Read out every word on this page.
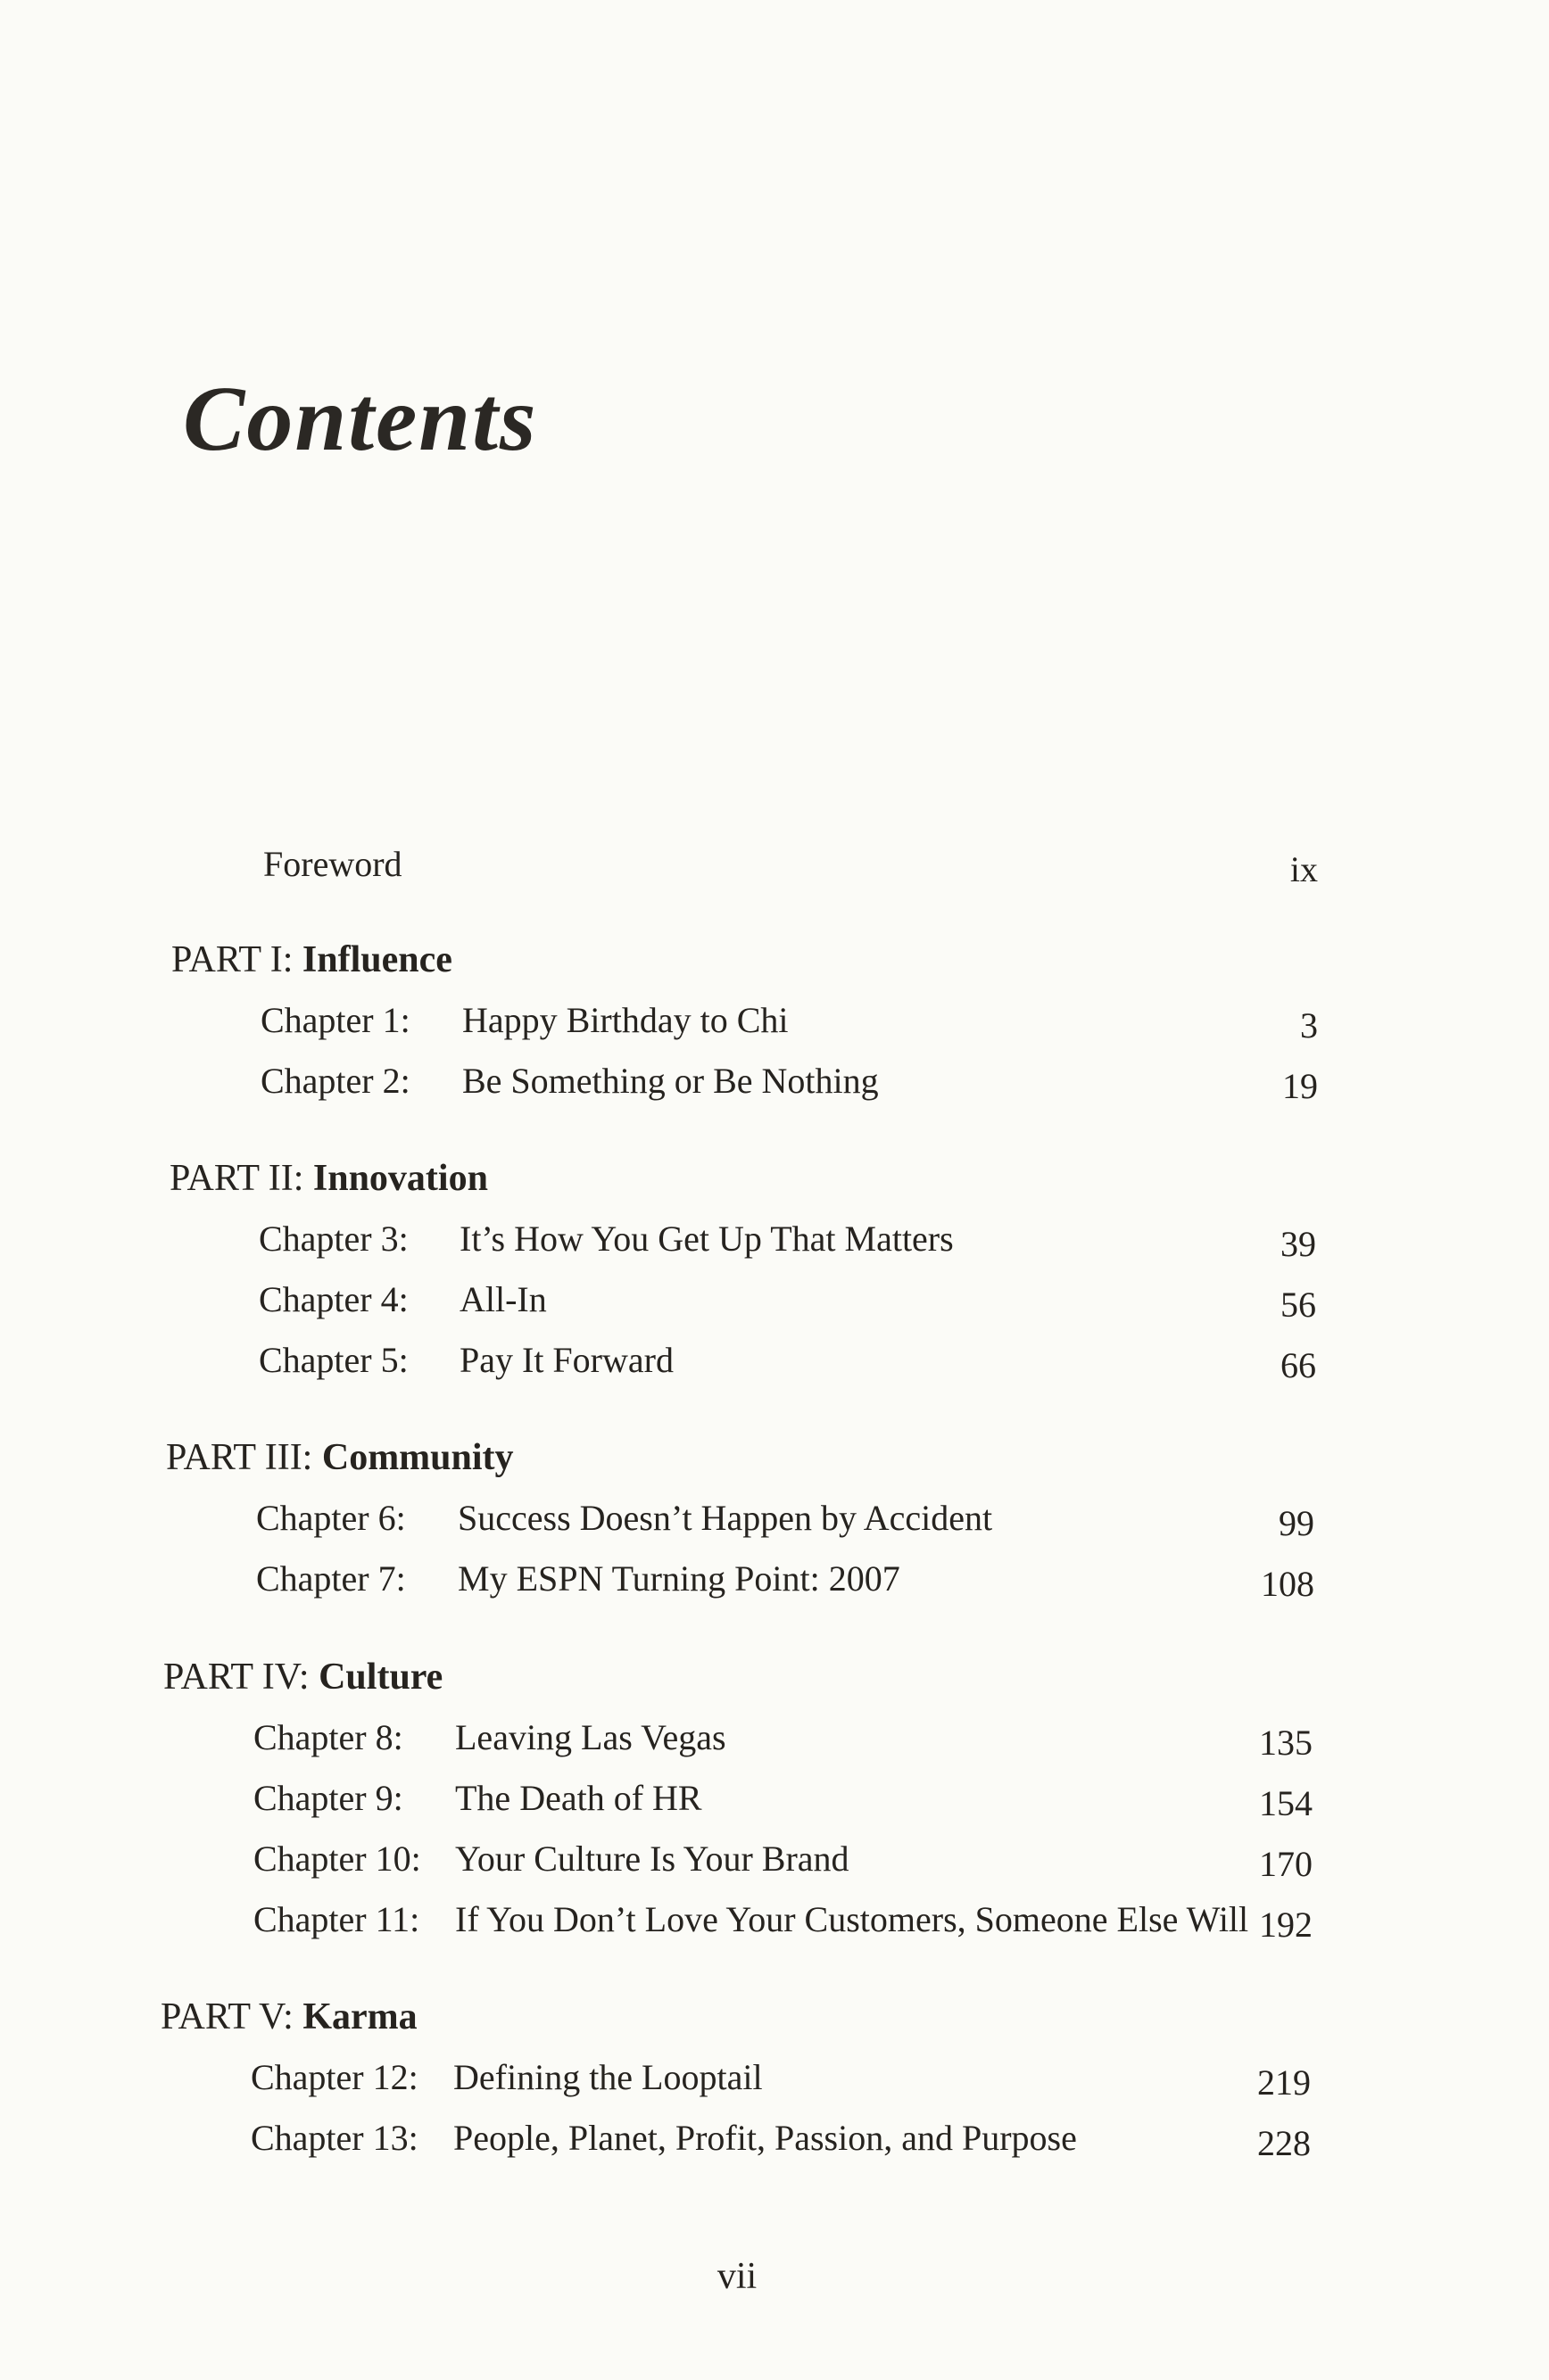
Contents
Foreword	ix
PART I: Influence
Chapter 1: Happy Birthday to Chi	3
Chapter 2: Be Something or Be Nothing	19
PART II: Innovation
Chapter 3: It’s How You Get Up That Matters	39
Chapter 4: All-In	56
Chapter 5: Pay It Forward	66
PART III: Community
Chapter 6: Success Doesn’t Happen by Accident	99
Chapter 7: My ESPN Turning Point: 2007	108
PART IV: Culture
Chapter 8: Leaving Las Vegas	135
Chapter 9: The Death of HR	154
Chapter 10: Your Culture Is Your Brand	170
Chapter 11: If You Don’t Love Your Customers, Someone Else Will 192
PART V: Karma
Chapter 12: Defining the Looptail	219
Chapter 13: People, Planet, Profit, Passion, and Purpose	228
vii
